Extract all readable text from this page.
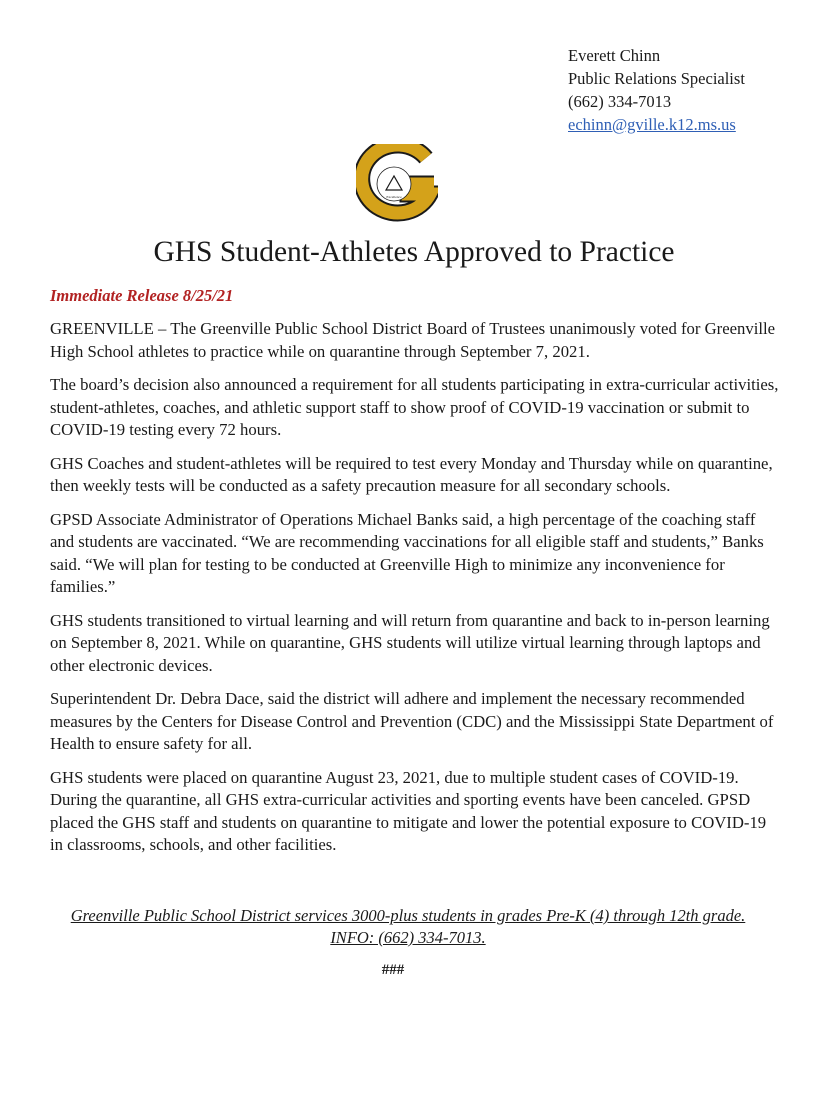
Everett Chinn
Public Relations Specialist
(662) 334-7013
echinn@gville.k12.ms.us
Excellence
GHS Student-Athletes Approved to Practice
Immediate Release 8/25/21

GREENVILLE – The Greenville Public School District Board of Trustees unanimously voted for Greenville High School athletes to practice while on quarantine through September 7, 2021.

The board’s decision also announced a requirement for all students participating in extra-curricular activities, student-athletes, coaches, and athletic support staff to show proof of COVID-19 vaccination or submit to COVID-19 testing every 72 hours.

GHS Coaches and student-athletes will be required to test every Monday and Thursday while on quarantine, then weekly tests will be conducted as a safety precaution measure for all secondary schools.

GPSD Associate Administrator of Operations Michael Banks said, a high percentage of the coaching staff and students are vaccinated. “We are recommending vaccinations for all eligible staff and students,” Banks said. “We will plan for testing to be conducted at Greenville High to minimize any inconvenience for families.”

GHS students transitioned to virtual learning and will return from quarantine and back to in-person learning on September 8, 2021. While on quarantine, GHS students will utilize virtual learning through laptops and other electronic devices.

Superintendent Dr. Debra Dace, said the district will adhere and implement the necessary recommended measures by the Centers for Disease Control and Prevention (CDC) and the Mississippi State Department of Health to ensure safety for all.

GHS students were placed on quarantine August 23, 2021, due to multiple student cases of COVID-19. During the quarantine, all GHS extra-curricular activities and sporting events have been canceled. GPSD placed the GHS staff and students on quarantine to mitigate and lower the potential exposure to COVID-19 in classrooms, schools, and other facilities.

Greenville Public School District services 3000-plus students in grades Pre-K (4) through 12th grade. INFO: (662) 334-7013.
###
